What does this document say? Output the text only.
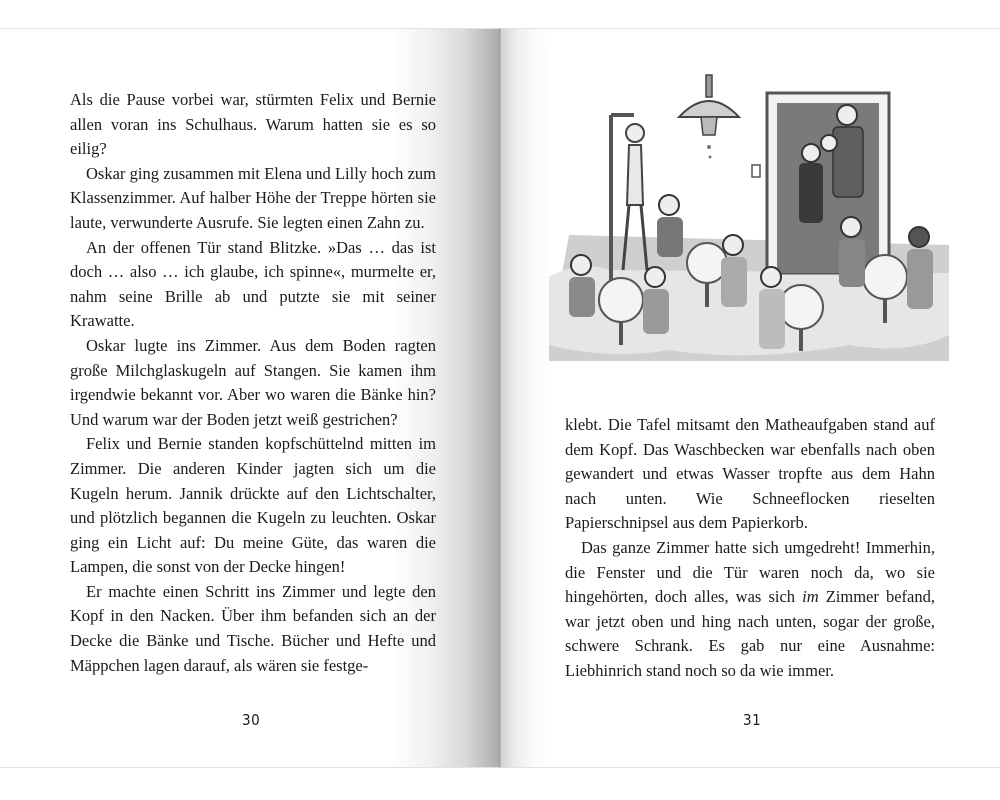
Als die Pause vorbei war, stürmten Felix und Bernie allen voran ins Schulhaus. Warum hatten sie es so eilig?

Oskar ging zusammen mit Elena und Lilly hoch zum Klassenzimmer. Auf halber Höhe der Treppe hörten sie laute, verwunderte Ausrufe. Sie legten einen Zahn zu.

An der offenen Tür stand Blitzke. »Das … das ist doch … also … ich glaube, ich spinne«, murmelte er, nahm seine Brille ab und putzte sie mit seiner Krawatte.

Oskar lugte ins Zimmer. Aus dem Boden ragten große Milchglaskugeln auf Stangen. Sie kamen ihm irgendwie bekannt vor. Aber wo waren die Bänke hin? Und warum war der Boden jetzt weiß gestrichen?

Felix und Bernie standen kopfschüttelnd mitten im Zimmer. Die anderen Kinder jagten sich um die Kugeln herum. Jannik drückte auf den Lichtschalter, und plötzlich begannen die Kugeln zu leuchten. Oskar ging ein Licht auf: Du meine Güte, das waren die Lampen, die sonst von der Decke hingen!

Er machte einen Schritt ins Zimmer und legte den Kopf in den Nacken. Über ihm befanden sich an der Decke die Bänke und Tische. Bücher und Hefte und Mäppchen lagen darauf, als wären sie festge-

30

klebt. Die Tafel mitsamt den Matheaufgaben stand auf dem Kopf. Das Waschbecken war ebenfalls nach oben gewandert und etwas Wasser tropfte aus dem Hahn nach unten. Wie Schneeflocken rieselten Papierschnipsel aus dem Papierkorb.

Das ganze Zimmer hatte sich umgedreht! Immerhin, die Fenster und die Tür waren noch da, wo sie hingehörten, doch alles, was sich im Zimmer befand, war jetzt oben und hing nach unten, sogar der große, schwere Schrank. Es gab nur eine Ausnahme: Liebhinrich stand noch so da wie immer.

31
